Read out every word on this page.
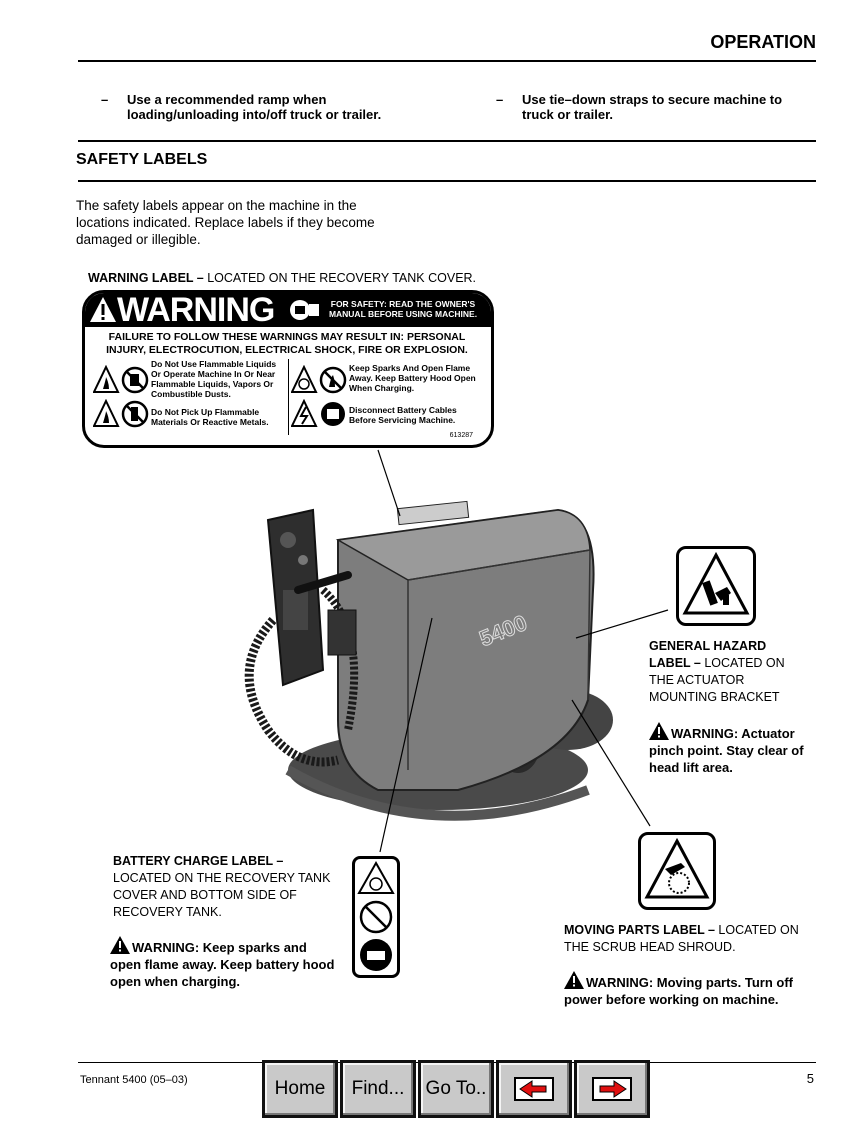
OPERATION
– Use a recommended ramp when loading/unloading into/off truck or trailer.
– Use tie–down straps to secure machine to truck or trailer.
SAFETY LABELS
The safety labels appear on the machine in the locations indicated. Replace labels if they become damaged or illegible.
WARNING LABEL – LOCATED ON THE RECOVERY TANK COVER.
WARNING	FOR SAFETY: READ THE OWNER'S MANUAL BEFORE USING MACHINE.
FAILURE TO FOLLOW THESE WARNINGS MAY RESULT IN: PERSONAL INJURY, ELECTROCUTION, ELECTRICAL SHOCK, FIRE OR EXPLOSION.
Do Not Use Flammable Liquids Or Operate Machine In Or Near Flammable Liquids, Vapors Or Combustible Dusts.
Keep Sparks And Open Flame Away. Keep Battery Hood Open When Charging.
Do Not Pick Up Flammable Materials Or Reactive Metals.
Disconnect Battery Cables Before Servicing Machine.
613287
5400	GENERAL HAZARD LABEL – LOCATED ON THE ACTUATOR MOUNTING BRACKET
WARNING: Actuator pinch point. Stay clear of head lift area.
BATTERY CHARGE LABEL – LOCATED ON THE RECOVERY TANK COVER AND BOTTOM SIDE OF RECOVERY TANK.
WARNING: Keep sparks and open flame away. Keep battery hood open when charging.
MOVING PARTS LABEL – LOCATED ON THE SCRUB HEAD SHROUD.
WARNING: Moving parts. Turn off power before working on machine.
Tennant 5400 (05–03)	5
Home	Find...	Go To..
